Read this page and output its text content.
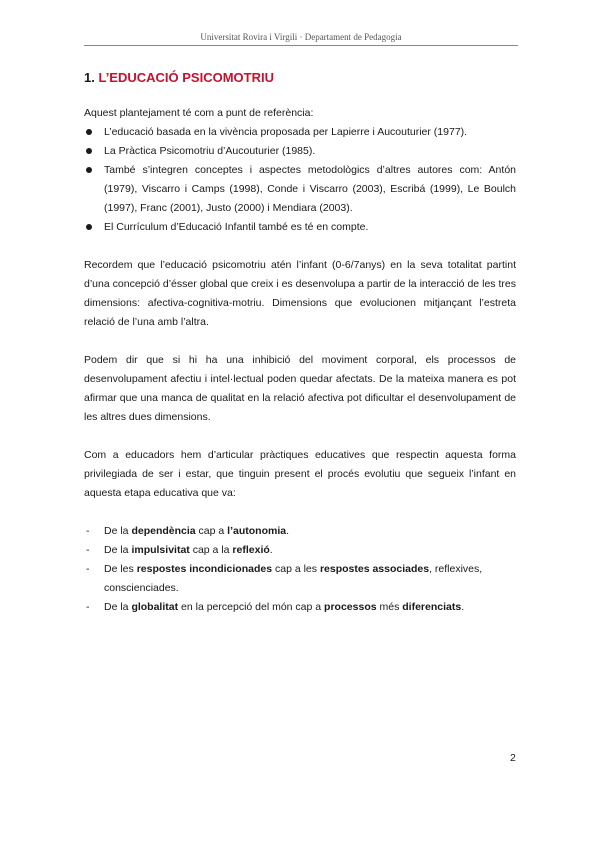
Universitat Rovira i Virgili · Departament de Pedagogia
1. L’EDUCACIÓ PSICOMOTRIU

Aquest plantejament té com a punt de referència:

L’educació basada en la vivència proposada per Lapierre i Aucouturier (1977).
La Pràctica Psicomotriu d’Aucouturier (1985).
També s’integren conceptes i aspectes metodològics d’altres autores com: Antón (1979), Viscarro i Camps (1998), Conde i Viscarro (2003), Escribá (1999), Le Boulch (1997), Franc (2001), Justo (2000) i Mendiara (2003).
El Currículum d’Educació Infantil també es té en compte.

Recordem que l’educació psicomotriu atén l’infant (0-6/7anys) en la seva totalitat partint d’una concepció d’ésser global que creix i es desenvolupa a partir de la interacció de les tres dimensions: afectiva-cognitiva-motriu. Dimensions que evolucionen mitjançant l’estreta relació de l’una amb l’altra.

Podem dir que si hi ha una inhibició del moviment corporal, els processos de desenvolupament afectiu i intel·lectual poden quedar afectats. De la mateixa manera es pot afirmar que una manca de qualitat en la relació afectiva pot dificultar el desenvolupament de les altres dues dimensions.

Com a educadors hem d’articular pràctiques educatives que respectin aquesta forma privilegiada de ser i estar, que tinguin present el procés evolutiu que segueix l’infant en aquesta etapa educativa que va:

- De la dependència cap a l’autonomia.
- De la impulsivitat cap a la reflexió.
- De les respostes incondicionades cap a les respostes associades, reflexives, conscienciades.
- De la globalitat en la percepció del món cap a processos més diferenciats.
2
